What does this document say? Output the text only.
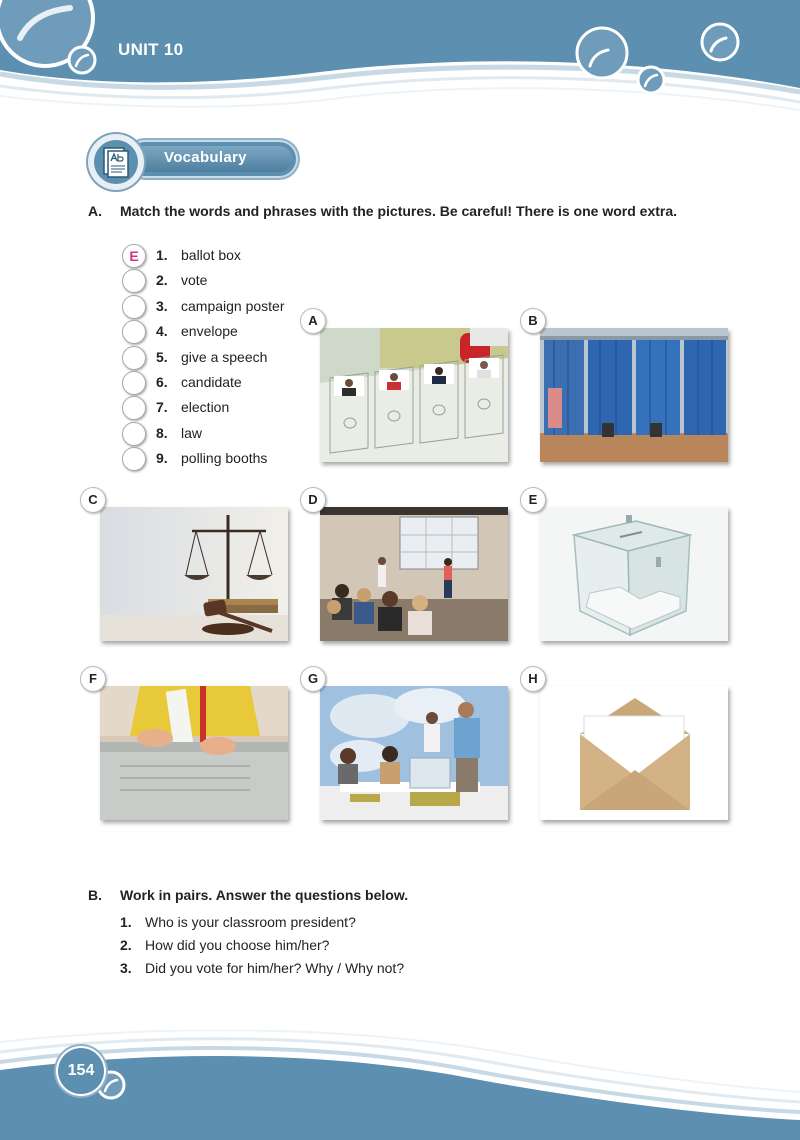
UNIT 10
Vocabulary
A. Match the words and phrases with the pictures. Be careful! There is one word extra.
E	1. ballot box
2. vote
3. campaign poster
4. envelope
5. give a speech
6. candidate
7. election
8. law
9. polling booths
A	B
C	D	E
F	G	H
B. Work in pairs. Answer the questions below.
1. Who is your classroom president?
2. How did you choose him/her?
3. Did you vote for him/her? Why / Why not?
154
